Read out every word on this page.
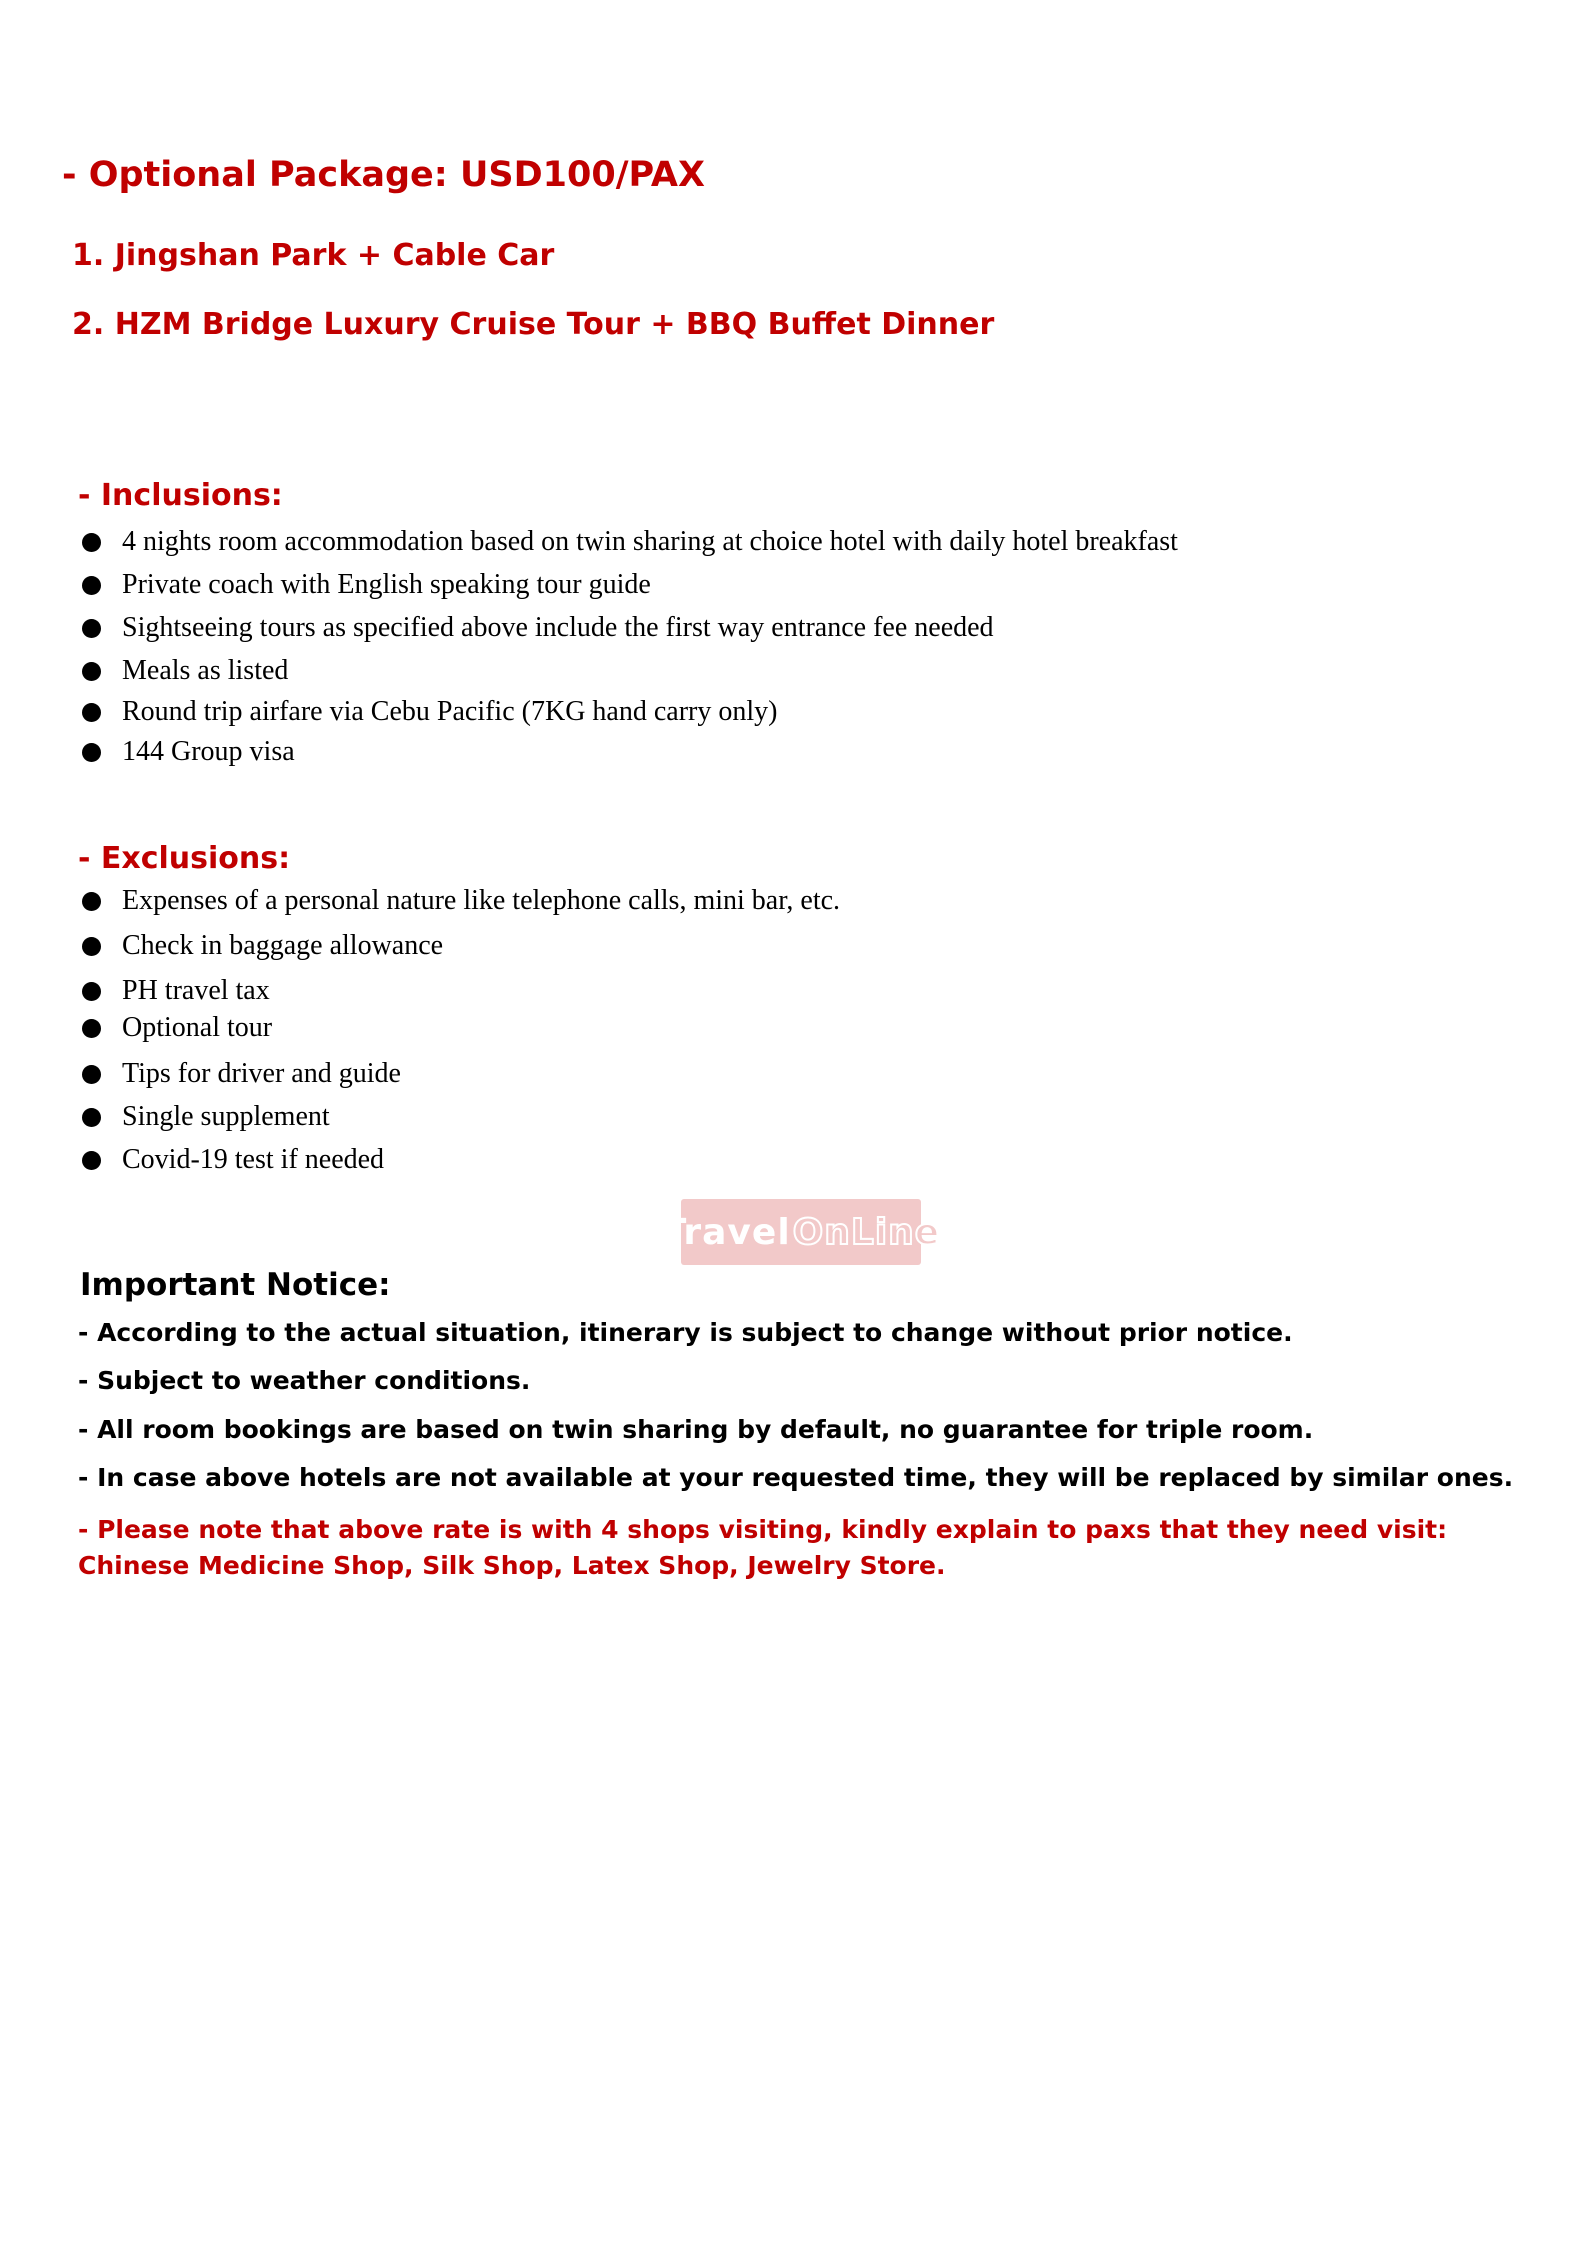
- Optional Package: USD100/PAX
1. Jingshan Park + Cable Car
2. HZM Bridge Luxury Cruise Tour + BBQ Buffet Dinner
- Inclusions:
4 nights room accommodation based on twin sharing at choice hotel with daily hotel breakfast
Private coach with English speaking tour guide
Sightseeing tours as specified above include the first way entrance fee needed
Meals as listed
Round trip airfare via Cebu Pacific (7KG hand carry only)
144 Group visa
- Exclusions:
Expenses of a personal nature like telephone calls, mini bar, etc.
Check in baggage allowance
PH travel tax
Optional tour
Tips for driver and guide
Single supplement
Covid-19 test if needed
Travel OnLine
Important Notice:
- According to the actual situation, itinerary is subject to change without prior notice.
- Subject to weather conditions.
- All room bookings are based on twin sharing by default, no guarantee for triple room.
- In case above hotels are not available at your requested time, they will be replaced by similar ones.
- Please note that above rate is with 4 shops visiting, kindly explain to paxs that they need visit: Chinese Medicine Shop, Silk Shop, Latex Shop, Jewelry Store.
